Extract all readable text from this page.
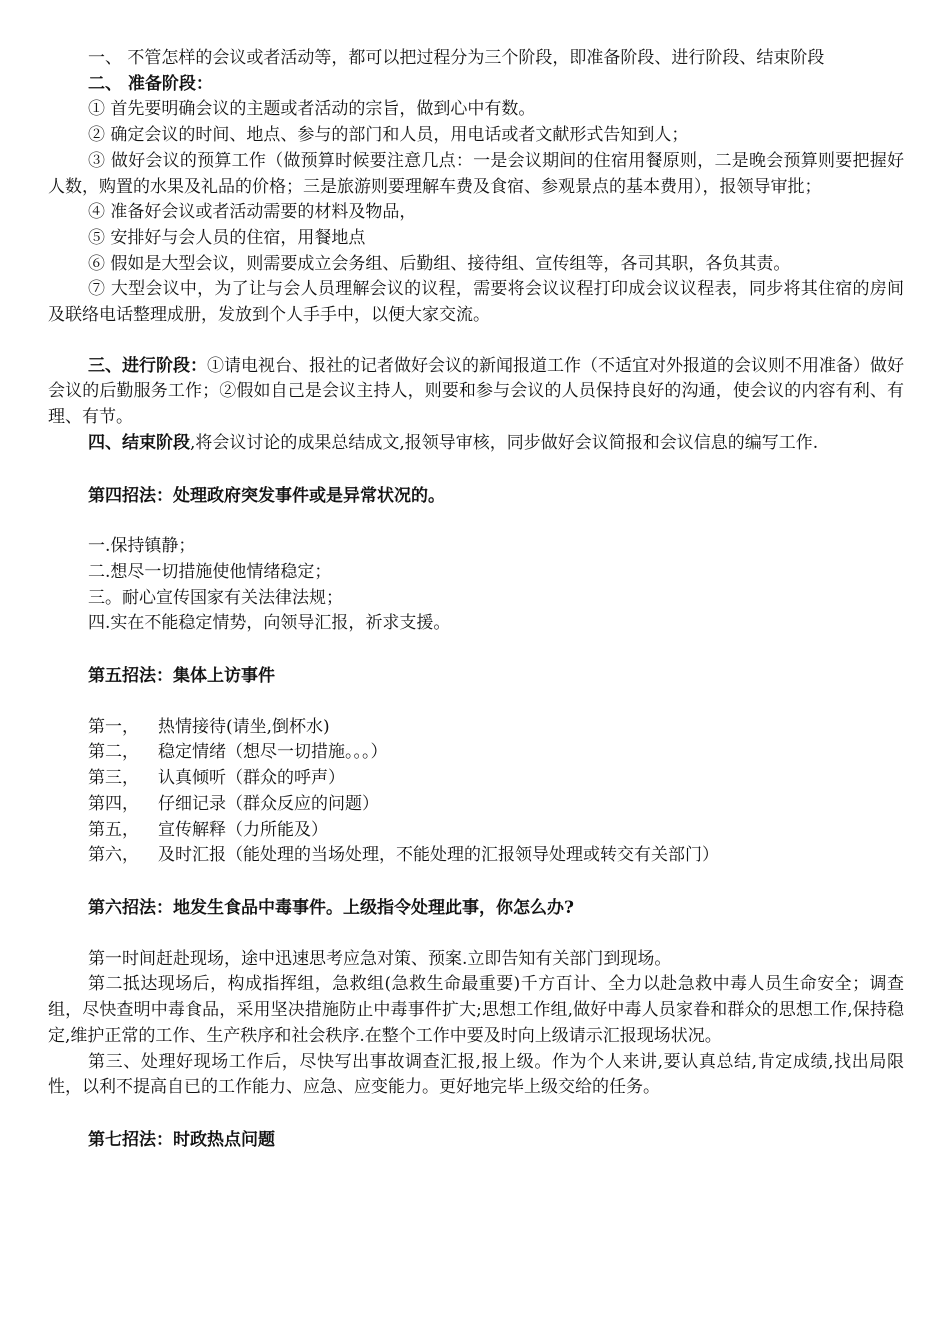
一、 不管怎样的会议或者活动等，都可以把过程分为三个阶段，即准备阶段、进行阶段、结束阶段

二、 准备阶段：

① 首先要明确会议的主题或者活动的宗旨，做到心中有数。

② 确定会议的时间、地点、参与的部门和人员，用电话或者文献形式告知到人；

③ 做好会议的预算工作（做预算时候要注意几点：一是会议期间的住宿用餐原则，二是晚会预算则要把握好人数，购置的水果及礼品的价格；三是旅游则要理解车费及食宿、参观景点的基本费用），报领导审批；

④ 准备好会议或者活动需要的材料及物品，

⑤ 安排好与会人员的住宿，用餐地点

⑥ 假如是大型会议，则需要成立会务组、后勤组、接待组、宣传组等，各司其职，各负其责。

⑦ 大型会议中，为了让与会人员理解会议的议程，需要将会议议程打印成会议议程表，同步将其住宿的房间及联络电话整理成册，发放到个人手手中，以便大家交流。

三、进行阶段：①请电视台、报社的记者做好会议的新闻报道工作（不适宜对外报道的会议则不用准备）做好会议的后勤服务工作；②假如自己是会议主持人，则要和参与会议的人员保持良好的沟通，使会议的内容有利、有理、有节。

四、结束阶段,将会议讨论的成果总结成文,报领导审核，同步做好会议简报和会议信息的编写工作.

第四招法：处理政府突发事件或是异常状况的。

一.保持镇静；

二.想尽一切措施使他情绪稳定；

三。耐心宣传国家有关法律法规；

四.实在不能稳定情势，向领导汇报，祈求支援。

第五招法：集体上访事件

第一， 热情接待(请坐,倒杯水)

第二， 稳定情绪（想尽一切措施。。。）

第三， 认真倾听（群众的呼声）

第四， 仔细记录（群众反应的问题）

第五， 宣传解释（力所能及）

第六， 及时汇报（能处理的当场处理，不能处理的汇报领导处理或转交有关部门）

第六招法：地发生食品中毒事件。上级指令处理此事，你怎么办?

第一时间赶赴现场，途中迅速思考应急对策、预案.立即告知有关部门到现场。

第二抵达现场后，构成指挥组，急救组(急救生命最重要)千方百计、全力以赴急救中毒人员生命安全；调查组，尽快查明中毒食品，采用坚决措施防止中毒事件扩大;思想工作组,做好中毒人员家眷和群众的思想工作,保持稳定,维护正常的工作、生产秩序和社会秩序.在整个工作中要及时向上级请示汇报现场状况。

第三、处理好现场工作后，尽快写出事故调查汇报,报上级。作为个人来讲,要认真总结,肯定成绩,找出局限性，以利不提高自已的工作能力、应急、应变能力。更好地完毕上级交给的任务。

第七招法：时政热点问题
